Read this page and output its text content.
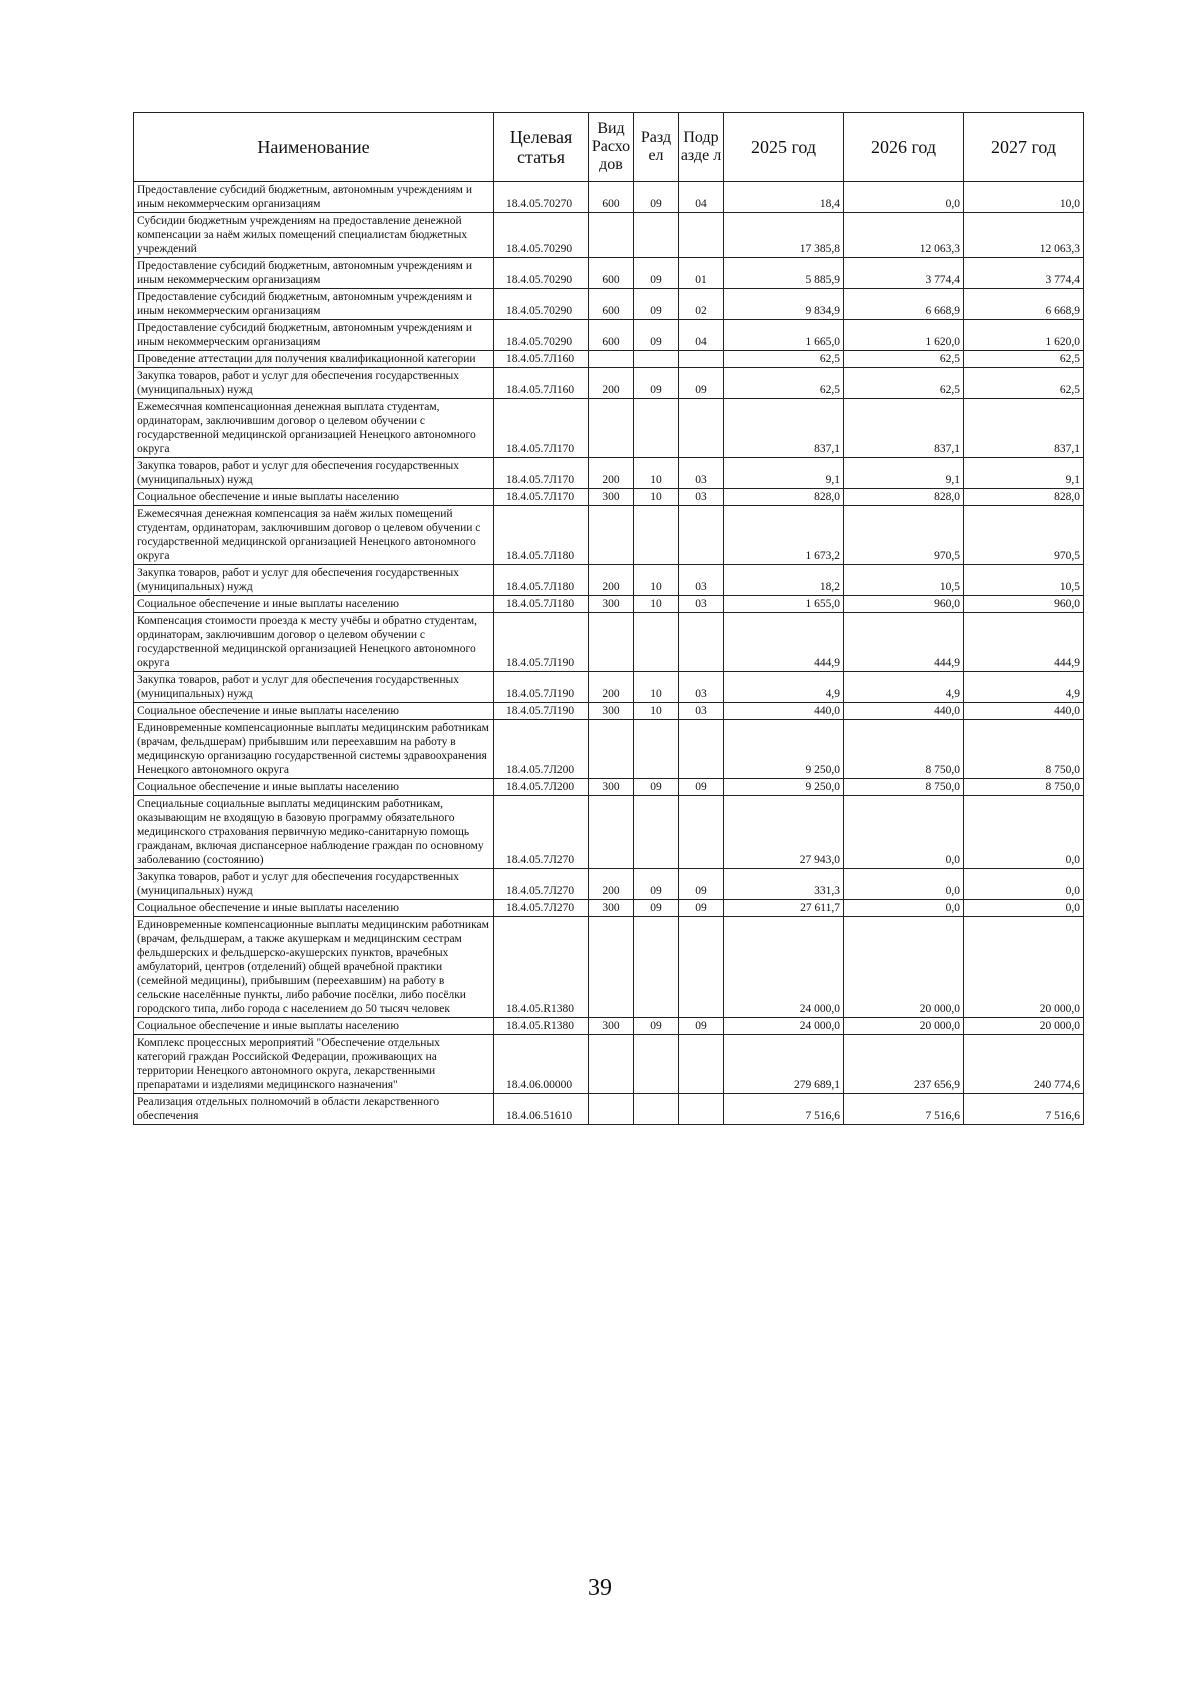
Наименование	Целевая статья	Вид Расхо дов	Разд ел	Подр азде л	2025 год	2026 год	2027 год
Предоставление субсидий бюджетным, автономным учреждениям и иным некоммерческим организациям	18.4.05.70270	600	09	04	18,4	0,0	10,0
Субсидии бюджетным учреждениям на предоставление денежной компенсации за наём жилых помещений специалистам бюджетных учреждений	18.4.05.70290				17 385,8	12 063,3	12 063,3
Предоставление субсидий бюджетным, автономным учреждениям и иным некоммерческим организациям	18.4.05.70290	600	09	01	5 885,9	3 774,4	3 774,4
Предоставление субсидий бюджетным, автономным учреждениям и иным некоммерческим организациям	18.4.05.70290	600	09	02	9 834,9	6 668,9	6 668,9
Предоставление субсидий бюджетным, автономным учреждениям и иным некоммерческим организациям	18.4.05.70290	600	09	04	1 665,0	1 620,0	1 620,0
Проведение аттестации для получения квалификационной категории	18.4.05.7Л160				62,5	62,5	62,5
Закупка товаров, работ и услуг для обеспечения государственных (муниципальных) нужд	18.4.05.7Л160	200	09	09	62,5	62,5	62,5
Ежемесячная компенсационная денежная выплата студентам, ординаторам, заключившим договор о целевом обучении с государственной медицинской организацией Ненецкого автономного округа	18.4.05.7Л170				837,1	837,1	837,1
Закупка товаров, работ и услуг для обеспечения государственных (муниципальных) нужд	18.4.05.7Л170	200	10	03	9,1	9,1	9,1
Социальное обеспечение и иные выплаты населению	18.4.05.7Л170	300	10	03	828,0	828,0	828,0
Ежемесячная денежная компенсация за наём жилых помещений студентам, ординаторам, заключившим договор о целевом обучении с государственной медицинской организацией Ненецкого автономного округа	18.4.05.7Л180				1 673,2	970,5	970,5
Закупка товаров, работ и услуг для обеспечения государственных (муниципальных) нужд	18.4.05.7Л180	200	10	03	18,2	10,5	10,5
Социальное обеспечение и иные выплаты населению	18.4.05.7Л180	300	10	03	1 655,0	960,0	960,0
Компенсация стоимости проезда к месту учёбы и обратно студентам, ординаторам, заключившим договор о целевом обучении с государственной медицинской организацией Ненецкого автономного округа	18.4.05.7Л190				444,9	444,9	444,9
Закупка товаров, работ и услуг для обеспечения государственных (муниципальных) нужд	18.4.05.7Л190	200	10	03	4,9	4,9	4,9
Социальное обеспечение и иные выплаты населению	18.4.05.7Л190	300	10	03	440,0	440,0	440,0
Единовременные компенсационные выплаты медицинским работникам (врачам, фельдшерам) прибывшим или переехавшим на работу в медицинскую организацию государственной системы здравоохранения Ненецкого автономного округа	18.4.05.7Л200				9 250,0	8 750,0	8 750,0
Социальное обеспечение и иные выплаты населению	18.4.05.7Л200	300	09	09	9 250,0	8 750,0	8 750,0
Специальные социальные выплаты медицинским работникам, оказывающим не входящую в базовую программу обязательного медицинского страхования первичную медико-санитарную помощь гражданам, включая диспансерное наблюдение граждан по основному заболеванию (состоянию)	18.4.05.7Л270				27 943,0	0,0	0,0
Закупка товаров, работ и услуг для обеспечения государственных (муниципальных) нужд	18.4.05.7Л270	200	09	09	331,3	0,0	0,0
Социальное обеспечение и иные выплаты населению	18.4.05.7Л270	300	09	09	27 611,7	0,0	0,0
Единовременные компенсационные выплаты медицинским работникам (врачам, фельдшерам, а также акушеркам и медицинским сестрам фельдшерских и фельдшерско-акушерских пунктов, врачебных амбулаторий, центров (отделений) общей врачебной практики (семейной медицины), прибывшим (переехавшим) на работу в сельские населённые пункты, либо рабочие посёлки, либо посёлки городского типа, либо города с населением до 50 тысяч человек	18.4.05.R1380				24 000,0	20 000,0	20 000,0
Социальное обеспечение и иные выплаты населению	18.4.05.R1380	300	09	09	24 000,0	20 000,0	20 000,0
Комплекс процессных мероприятий "Обеспечение отдельных категорий граждан Российской Федерации, проживающих на территории Ненецкого автономного округа, лекарственными препаратами и изделиями медицинского назначения"	18.4.06.00000				279 689,1	237 656,9	240 774,6
Реализация отдельных полномочий в области лекарственного обеспечения	18.4.06.51610				7 516,6	7 516,6	7 516,6
39
